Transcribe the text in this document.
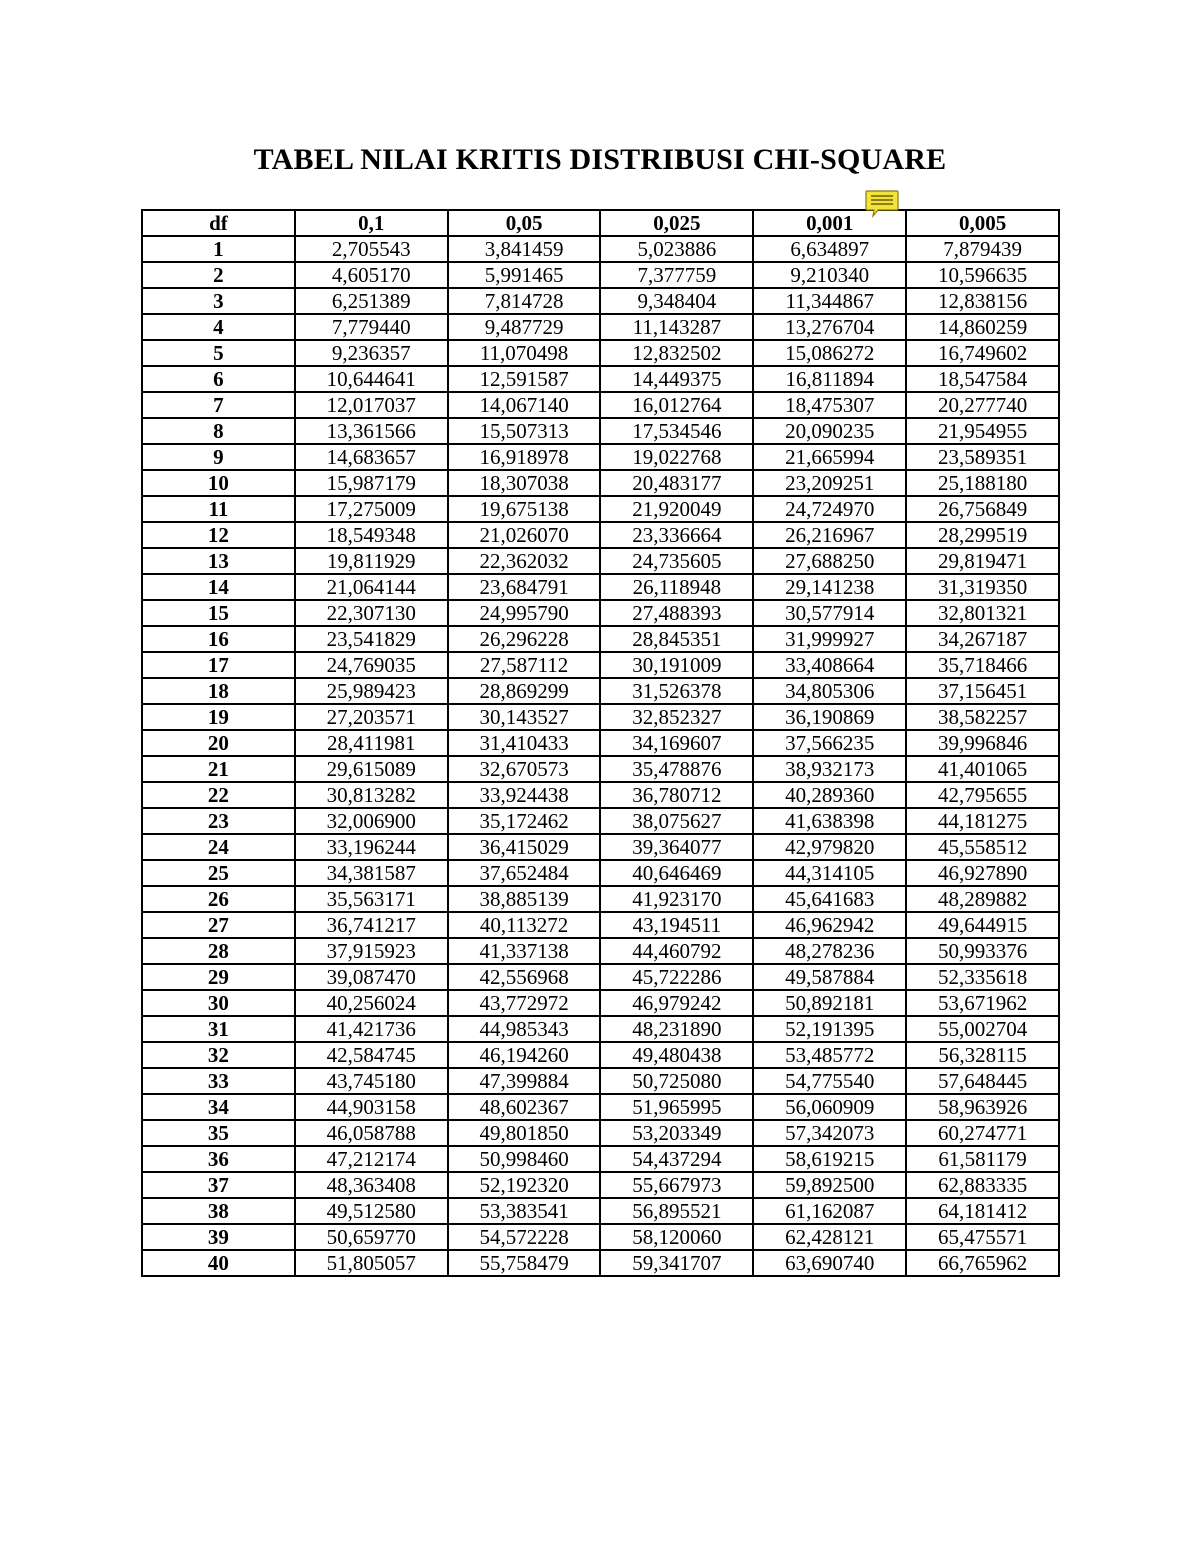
TABEL NILAI KRITIS DISTRIBUSI CHI-SQUARE
df	0,1	0,05	0,025	0,001	0,005
1	2,705543	3,841459	5,023886	6,634897	7,879439
2	4,605170	5,991465	7,377759	9,210340	10,596635
3	6,251389	7,814728	9,348404	11,344867	12,838156
4	7,779440	9,487729	11,143287	13,276704	14,860259
5	9,236357	11,070498	12,832502	15,086272	16,749602
6	10,644641	12,591587	14,449375	16,811894	18,547584
7	12,017037	14,067140	16,012764	18,475307	20,277740
8	13,361566	15,507313	17,534546	20,090235	21,954955
9	14,683657	16,918978	19,022768	21,665994	23,589351
10	15,987179	18,307038	20,483177	23,209251	25,188180
11	17,275009	19,675138	21,920049	24,724970	26,756849
12	18,549348	21,026070	23,336664	26,216967	28,299519
13	19,811929	22,362032	24,735605	27,688250	29,819471
14	21,064144	23,684791	26,118948	29,141238	31,319350
15	22,307130	24,995790	27,488393	30,577914	32,801321
16	23,541829	26,296228	28,845351	31,999927	34,267187
17	24,769035	27,587112	30,191009	33,408664	35,718466
18	25,989423	28,869299	31,526378	34,805306	37,156451
19	27,203571	30,143527	32,852327	36,190869	38,582257
20	28,411981	31,410433	34,169607	37,566235	39,996846
21	29,615089	32,670573	35,478876	38,932173	41,401065
22	30,813282	33,924438	36,780712	40,289360	42,795655
23	32,006900	35,172462	38,075627	41,638398	44,181275
24	33,196244	36,415029	39,364077	42,979820	45,558512
25	34,381587	37,652484	40,646469	44,314105	46,927890
26	35,563171	38,885139	41,923170	45,641683	48,289882
27	36,741217	40,113272	43,194511	46,962942	49,644915
28	37,915923	41,337138	44,460792	48,278236	50,993376
29	39,087470	42,556968	45,722286	49,587884	52,335618
30	40,256024	43,772972	46,979242	50,892181	53,671962
31	41,421736	44,985343	48,231890	52,191395	55,002704
32	42,584745	46,194260	49,480438	53,485772	56,328115
33	43,745180	47,399884	50,725080	54,775540	57,648445
34	44,903158	48,602367	51,965995	56,060909	58,963926
35	46,058788	49,801850	53,203349	57,342073	60,274771
36	47,212174	50,998460	54,437294	58,619215	61,581179
37	48,363408	52,192320	55,667973	59,892500	62,883335
38	49,512580	53,383541	56,895521	61,162087	64,181412
39	50,659770	54,572228	58,120060	62,428121	65,475571
40	51,805057	55,758479	59,341707	63,690740	66,765962
